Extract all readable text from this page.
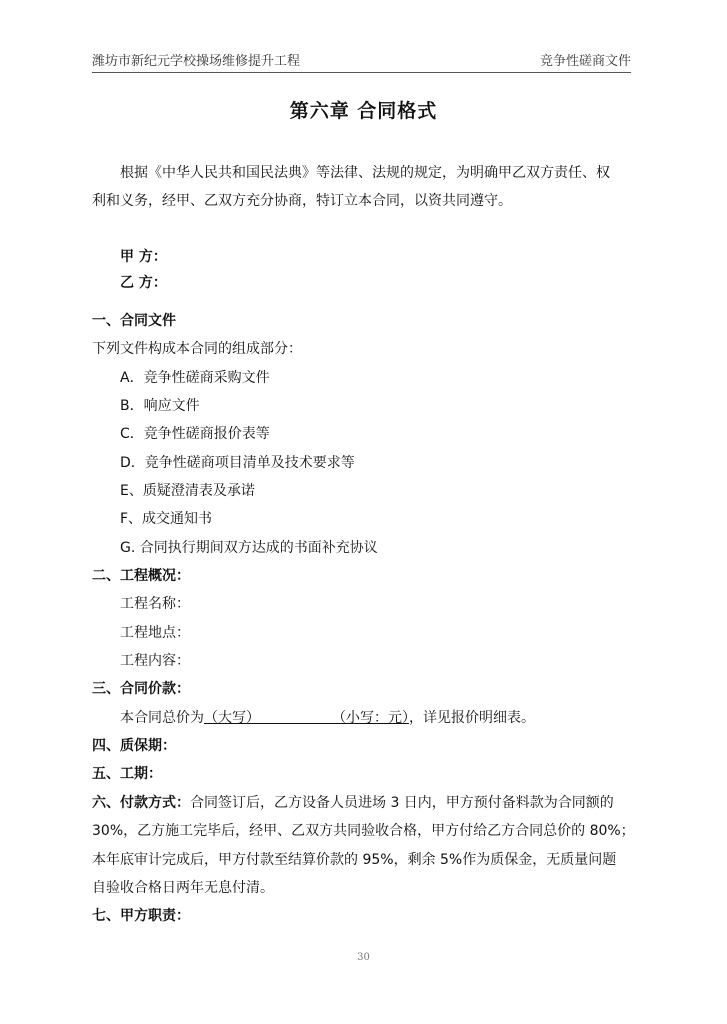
潍坊市新纪元学校操场维修提升工程	竞争性磋商文件
第六章 合同格式
根据《中华人民共和国民法典》等法律、法规的规定，为明确甲乙双方责任、权
利和义务，经甲、乙双方充分协商，特订立本合同，以资共同遵守。
甲 方：
乙 方：
一、合同文件
下列文件构成本合同的组成部分：
A．竞争性磋商采购文件
B．响应文件
C．竞争性磋商报价表等
D．竞争性磋商项目清单及技术要求等
E、质疑澄清表及承诺
F、成交通知书
G. 合同执行期间双方达成的书面补充协议
二、工程概况：
工程名称：
工程地点：
工程内容：
三、合同价款：
本合同总价为（大写）	（小写：元），详见报价明细表。
四、质保期：
五、工期：
六、付款方式：合同签订后，乙方设备人员进场 3 日内，甲方预付备料款为合同额的
30%，乙方施工完毕后，经甲、乙双方共同验收合格，甲方付给乙方合同总价的 80%；
本年底审计完成后，甲方付款至结算价款的 95%，剩余 5%作为质保金，无质量问题
自验收合格日两年无息付清。
七、甲方职责：
30
